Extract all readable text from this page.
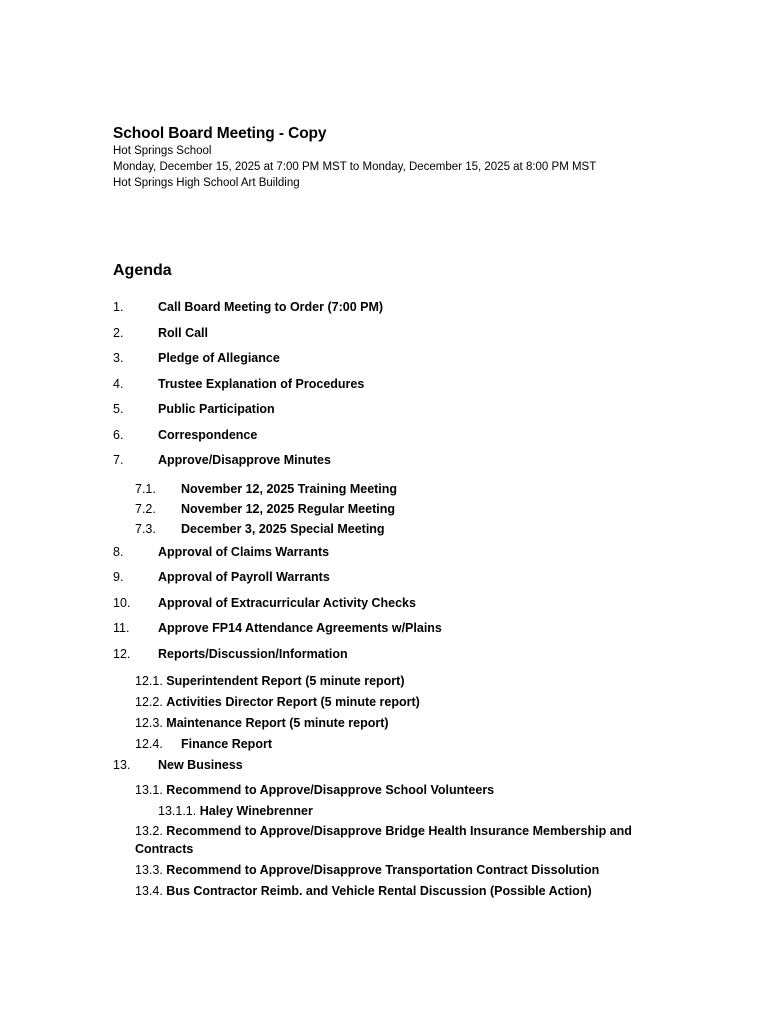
School Board Meeting - Copy

Hot Springs School

Monday, December 15, 2025 at 7:00 PM MST to Monday, December 15, 2025 at 8:00 PM MST

Hot Springs High School Art Building

Agenda

1.	Call Board Meeting to Order (7:00 PM)
2.	Roll Call
3.	Pledge of Allegiance
4.	Trustee Explanation of Procedures
5.	Public Participation
6.	Correspondence
7.	Approve/Disapprove Minutes
7.1. November 12, 2025 Training Meeting
7.2. November 12, 2025 Regular Meeting
7.3. December 3, 2025 Special Meeting
8.	Approval of Claims Warrants
9.	Approval of Payroll Warrants
10. Approval of Extracurricular Activity Checks
11. Approve FP14 Attendance Agreements w/Plains
12. Reports/Discussion/Information
12.1. Superintendent Report (5 minute report)
12.2. Activities Director Report (5 minute report)
12.3. Maintenance Report (5 minute report)
12.4. Finance Report
13. New Business
13.1. Recommend to Approve/Disapprove School Volunteers
13.1.1. Haley Winebrenner
13.2. Recommend to Approve/Disapprove Bridge Health Insurance Membership and Contracts
13.3. Recommend to Approve/Disapprove Transportation Contract Dissolution
13.4. Bus Contractor Reimb. and Vehicle Rental Discussion (Possible Action)
